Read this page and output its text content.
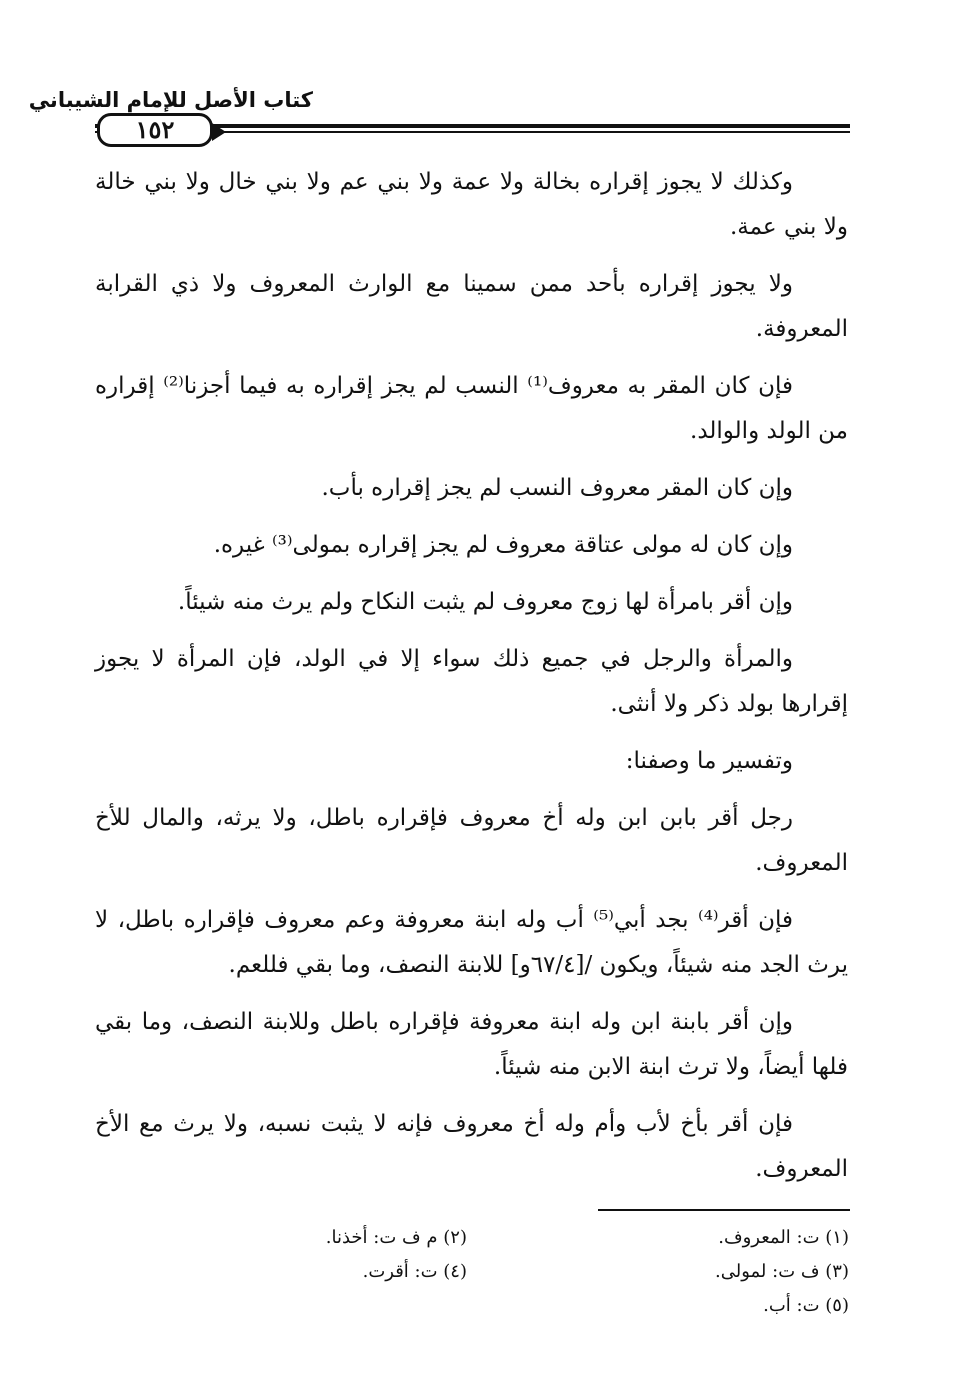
كتاب الأصل للإمام الشيباني
١٥٢

وكذلك لا يجوز إقراره بخالة ولا عمة ولا بني عم ولا بني خال ولا بني خالة ولا بني عمة.

ولا يجوز إقراره بأحد ممن سمينا مع الوارث المعروف ولا ذي القرابة المعروفة.

فإن كان المقر به معروف⁽¹⁾ النسب لم يجز إقراره به فيما أجزنا⁽²⁾ إقراره من الولد والوالد.

وإن كان المقر معروف النسب لم يجز إقراره بأب.

وإن كان له مولى عتاقة معروف لم يجز إقراره بمولى⁽³⁾ غيره.

وإن أقر بامرأة لها زوج معروف لم يثبت النكاح ولم يرث منه شيئاً.

والمرأة والرجل في جميع ذلك سواء إلا في الولد، فإن المرأة لا يجوز إقرارها بولد ذكر ولا أنثى.

وتفسير ما وصفنا:

رجل أقر بابن ابن وله أخ معروف فإقراره باطل، ولا يرثه، والمال للأخ المعروف.

فإن أقر⁽⁴⁾ بجد أبي⁽⁵⁾ أب وله ابنة معروفة وعم معروف فإقراره باطل، لا يرث الجد منه شيئاً، ويكون /[٦٧/٤و] للابنة النصف، وما بقي فللعم.

وإن أقر بابنة ابن وله ابنة معروفة فإقراره باطل وللابنة النصف، وما بقي فلها أيضاً، ولا ترث ابنة الابن منه شيئاً.

فإن أقر بأخ لأب وأم وله أخ معروف فإنه لا يثبت نسبه، ولا يرث مع الأخ المعروف.

(١) ت: المعروف.
(٢) م ف ت: أخذنا.
(٣) ف ت: لمولى.
(٤) ت: أقرت.
(٥) ت: أب.
